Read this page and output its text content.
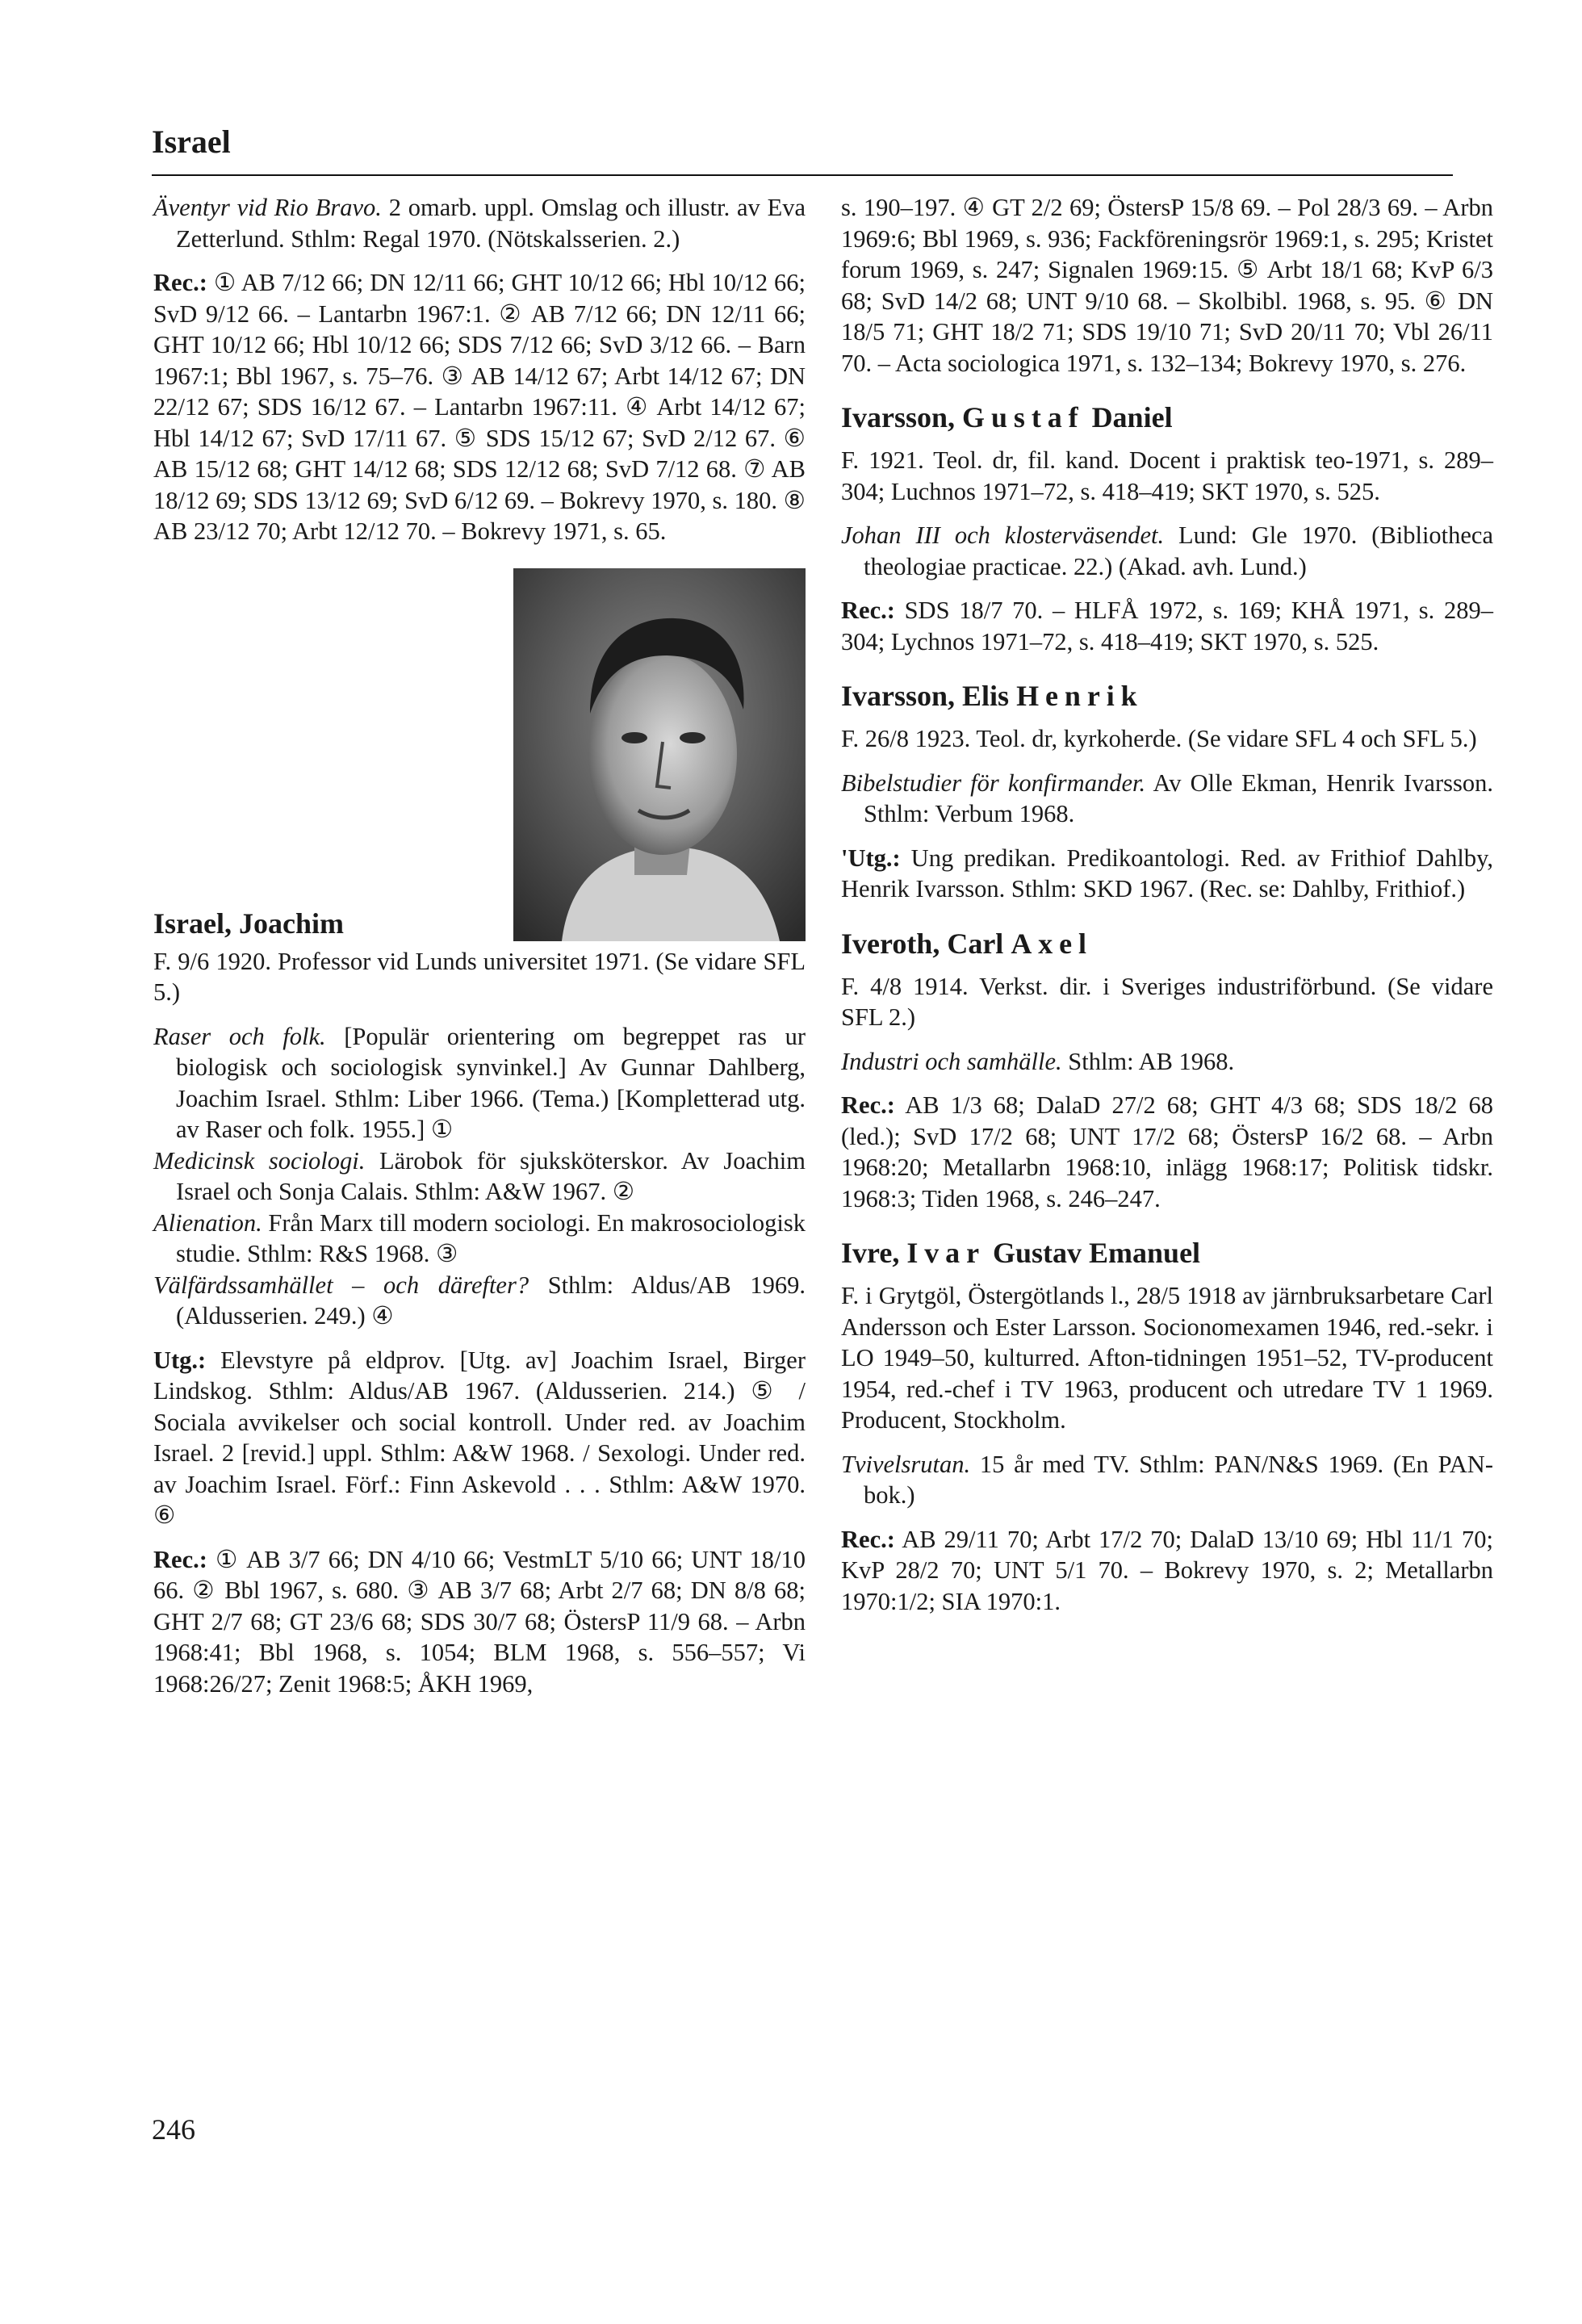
Israel

Äventyr vid Rio Bravo. 2 omarb. uppl. Omslag och illustr. av Eva Zetterlund. Sthlm: Regal 1970. (Nötskalsserien. 2.)

Rec.: ① AB 7/12 66; DN 12/11 66; GHT 10/12 66; Hbl 10/12 66; SvD 9/12 66. – Lantarbn 1967:1. ② AB 7/12 66; DN 12/11 66; GHT 10/12 66; Hbl 10/12 66; SDS 7/12 66; SvD 3/12 66. – Barn 1967:1; Bbl 1967, s. 75–76. ③ AB 14/12 67; Arbt 14/12 67; DN 22/12 67; SDS 16/12 67. – Lantarbn 1967:11. ④ Arbt 14/12 67; Hbl 14/12 67; SvD 17/11 67. ⑤ SDS 15/12 67; SvD 2/12 67. ⑥ AB 15/12 68; GHT 14/12 68; SDS 12/12 68; SvD 7/12 68. ⑦ AB 18/12 69; SDS 13/12 69; SvD 6/12 69. – Bokrevy 1970, s. 180. ⑧ AB 23/12 70; Arbt 12/12 70. – Bokrevy 1971, s. 65.

Israel, Joachim

F. 9/6 1920. Professor vid Lunds universitet 1971. (Se vidare SFL 5.)

Raser och folk. [Populär orientering om begreppet ras ur biologisk och sociologisk synvinkel.] Av Gunnar Dahlberg, Joachim Israel. Sthlm: Liber 1966. (Tema.) [Kompletterad utg. av Raser och folk. 1955.] ①

Medicinsk sociologi. Lärobok för sjuksköterskor. Av Joachim Israel och Sonja Calais. Sthlm: A&W 1967. ②

Alienation. Från Marx till modern sociologi. En makrosociologisk studie. Sthlm: R&S 1968. ③

Välfärdssamhället – och därefter? Sthlm: Aldus/AB 1969. (Aldusserien. 249.) ④

Utg.: Elevstyre på eldprov. [Utg. av] Joachim Israel, Birger Lindskog. Sthlm: Aldus/AB 1967. (Aldusserien. 214.) ⑤ / Sociala avvikelser och social kontroll. Under red. av Joachim Israel. 2 [revid.] uppl. Sthlm: A&W 1968. / Sexologi. Under red. av Joachim Israel. Förf.: Finn Askevold . . . Sthlm: A&W 1970. ⑥

Rec.: ① AB 3/7 66; DN 4/10 66; VestmLT 5/10 66; UNT 18/10 66. ② Bbl 1967, s. 680. ③ AB 3/7 68; Arbt 2/7 68; DN 8/8 68; GHT 2/7 68; GT 23/6 68; SDS 30/7 68; ÖstersP 11/9 68. – Arbn 1968:41; Bbl 1968, s. 1054; BLM 1968, s. 556–557; Vi 1968:26/27; Zenit 1968:5; ÅKH 1969,

s. 190–197. ④ GT 2/2 69; ÖstersP 15/8 69. – Pol 28/3 69. – Arbn 1969:6; Bbl 1969, s. 936; Fackföreningsrör 1969:1, s. 295; Kristet forum 1969, s. 247; Signalen 1969:15. ⑤ Arbt 18/1 68; KvP 6/3 68; SvD 14/2 68; UNT 9/10 68. – Skolbibl. 1968, s. 95. ⑥ DN 18/5 71; GHT 18/2 71; SDS 19/10 71; SvD 20/11 70; Vbl 26/11 70. – Acta sociologica 1971, s. 132–134; Bokrevy 1970, s. 276.

Ivarsson, Gustaf Daniel

F. 1921. Teol. dr, fil. kand. Docent i praktisk teo-1971, s. 289–304; Luchnos 1971–72, s. 418–419; SKT 1970, s. 525.

Johan III och klosterväsendet. Lund: Gle 1970. (Bibliotheca theologiae practicae. 22.) (Akad. avh. Lund.)

Rec.: SDS 18/7 70. – HLFÅ 1972, s. 169; KHÅ 1971, s. 289–304; Lychnos 1971–72, s. 418–419; SKT 1970, s. 525.

Ivarsson, Elis Henrik

F. 26/8 1923. Teol. dr, kyrkoherde. (Se vidare SFL 4 och SFL 5.)

Bibelstudier för konfirmander. Av Olle Ekman, Henrik Ivarsson. Sthlm: Verbum 1968.

'Utg.: Ung predikan. Predikoantologi. Red. av Frithiof Dahlby, Henrik Ivarsson. Sthlm: SKD 1967. (Rec. se: Dahlby, Frithiof.)

Iveroth, Carl Axel

F. 4/8 1914. Verkst. dir. i Sveriges industriförbund. (Se vidare SFL 2.)

Industri och samhälle. Sthlm: AB 1968.

Rec.: AB 1/3 68; DalaD 27/2 68; GHT 4/3 68; SDS 18/2 68 (led.); SvD 17/2 68; UNT 17/2 68; ÖstersP 16/2 68. – Arbn 1968:20; Metallarbn 1968:10, inlägg 1968:17; Politisk tidskr. 1968:3; Tiden 1968, s. 246–247.

Ivre, Ivar Gustav Emanuel

F. i Grytgöl, Östergötlands l., 28/5 1918 av järnbruksarbetare Carl Andersson och Ester Larsson. Socionomexamen 1946, red.-sekr. i LO 1949–50, kulturred. Afton-tidningen 1951–52, TV-producent 1954, red.-chef i TV 1963, producent och utredare TV 1 1969. Producent, Stockholm.

Tvivelsrutan. 15 år med TV. Sthlm: PAN/N&S 1969. (En PAN-bok.)

Rec.: AB 29/11 70; Arbt 17/2 70; DalaD 13/10 69; Hbl 11/1 70; KvP 28/2 70; UNT 5/1 70. – Bokrevy 1970, s. 2; Metallarbn 1970:1/2; SIA 1970:1.

246
